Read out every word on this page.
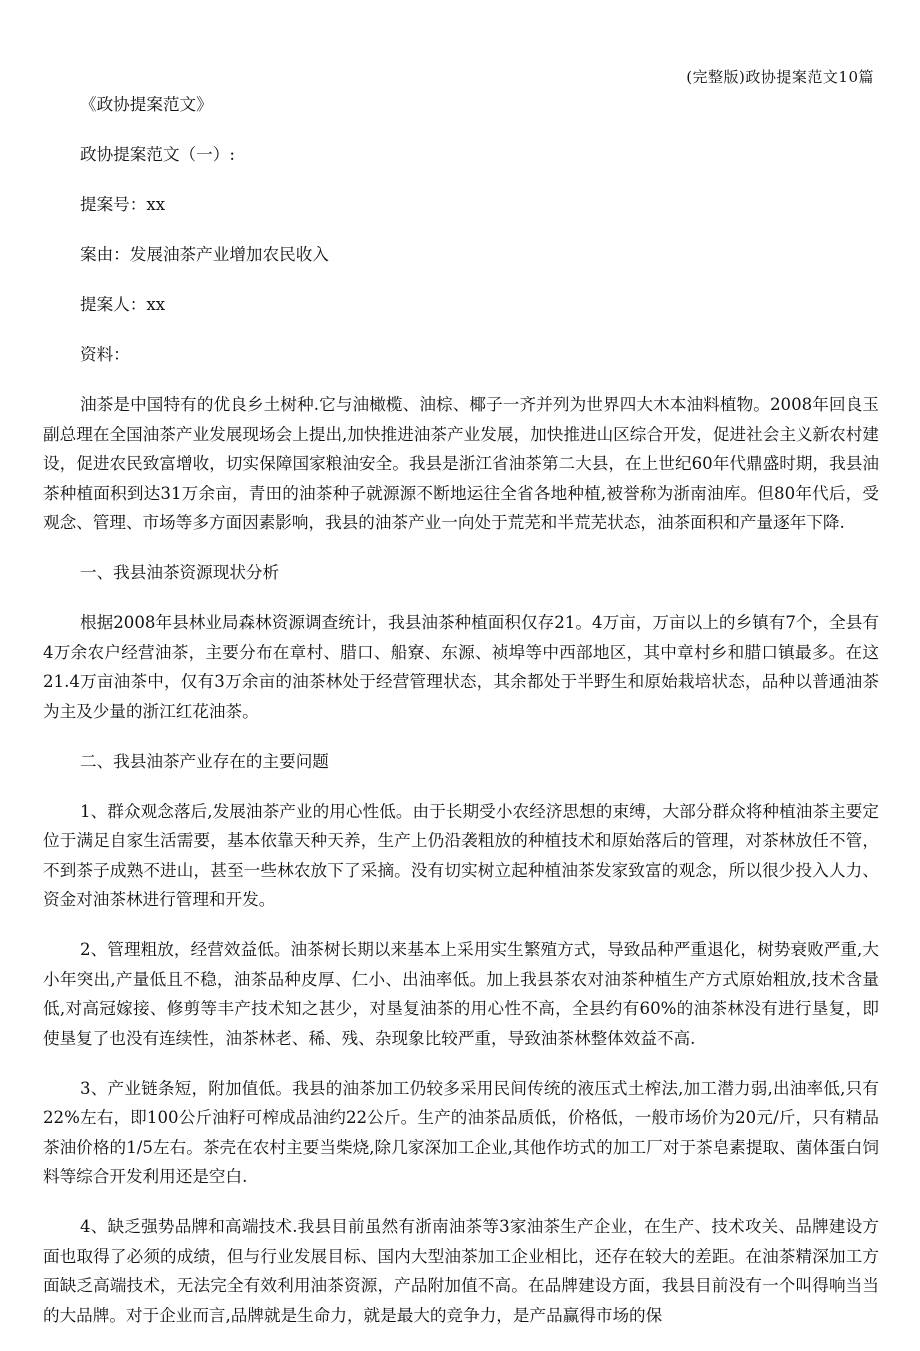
(完整版)政协提案范文10篇

《政协提案范文》

政协提案范文（一）:

提案号：xx

案由：发展油茶产业增加农民收入

提案人：xx

资料：

油茶是中国特有的优良乡土树种.它与油橄榄、油棕、椰子一齐并列为世界四大木本油料植物。2008年回良玉副总理在全国油茶产业发展现场会上提出,加快推进油茶产业发展，加快推进山区综合开发，促进社会主义新农村建设，促进农民致富增收，切实保障国家粮油安全。我县是浙江省油茶第二大县，在上世纪60年代鼎盛时期，我县油茶种植面积到达31万余亩，青田的油茶种子就源源不断地运往全省各地种植,被誉称为浙南油库。但80年代后，受观念、管理、市场等多方面因素影响，我县的油茶产业一向处于荒芜和半荒芜状态，油茶面积和产量逐年下降.

一、我县油茶资源现状分析

根据2008年县林业局森林资源调查统计，我县油茶种植面积仅存21。4万亩，万亩以上的乡镇有7个，全县有4万余农户经营油茶，主要分布在章村、腊口、船寮、东源、祯埠等中西部地区，其中章村乡和腊口镇最多。在这21.4万亩油茶中，仅有3万余亩的油茶林处于经营管理状态，其余都处于半野生和原始栽培状态，品种以普通油茶为主及少量的浙江红花油茶。

二、我县油茶产业存在的主要问题

1、群众观念落后,发展油茶产业的用心性低。由于长期受小农经济思想的束缚，大部分群众将种植油茶主要定位于满足自家生活需要，基本依靠天种天养，生产上仍沿袭粗放的种植技术和原始落后的管理，对茶林放任不管，不到茶子成熟不进山，甚至一些林农放下了采摘。没有切实树立起种植油茶发家致富的观念，所以很少投入人力、资金对油茶林进行管理和开发。

2、管理粗放，经营效益低。油茶树长期以来基本上采用实生繁殖方式，导致品种严重退化，树势衰败严重,大小年突出,产量低且不稳，油茶品种皮厚、仁小、出油率低。加上我县茶农对油茶种植生产方式原始粗放,技术含量低,对高冠嫁接、修剪等丰产技术知之甚少，对垦复油茶的用心性不高，全县约有60%的油茶林没有进行垦复，即使垦复了也没有连续性，油茶林老、稀、残、杂现象比较严重，导致油茶林整体效益不高.

3、产业链条短，附加值低。我县的油茶加工仍较多采用民间传统的液压式土榨法,加工潜力弱,出油率低,只有22%左右，即100公斤油籽可榨成品油约22公斤。生产的油茶品质低，价格低，一般市场价为20元/斤，只有精品茶油价格的1/5左右。茶壳在农村主要当柴烧,除几家深加工企业,其他作坊式的加工厂对于茶皂素提取、菌体蛋白饲料等综合开发利用还是空白.

4、缺乏强势品牌和高端技术.我县目前虽然有浙南油茶等3家油茶生产企业，在生产、技术攻关、品牌建设方面也取得了必须的成绩，但与行业发展目标、国内大型油茶加工企业相比，还存在较大的差距。在油茶精深加工方面缺乏高端技术，无法完全有效利用油茶资源，产品附加值不高。在品牌建设方面，我县目前没有一个叫得响当当的大品牌。对于企业而言,品牌就是生命力，就是最大的竞争力，是产品赢得市场的保
